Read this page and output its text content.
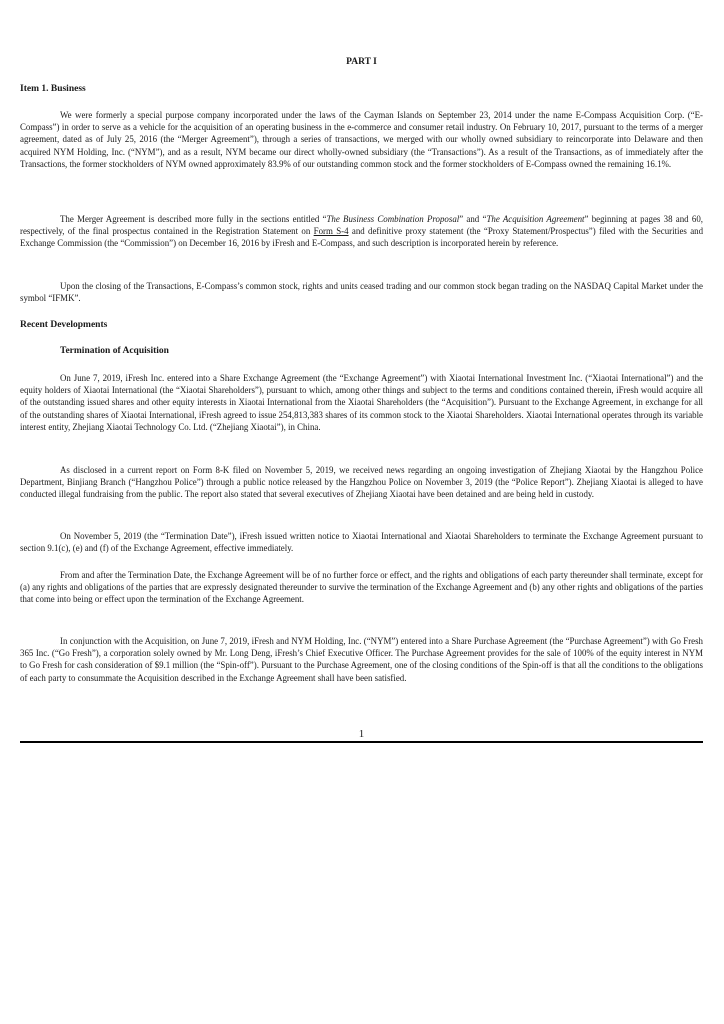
PART I
Item 1. Business

We were formerly a special purpose company incorporated under the laws of the Cayman Islands on September 23, 2014 under the name E-Compass Acquisition Corp. (“E-Compass”) in order to serve as a vehicle for the acquisition of an operating business in the e-commerce and consumer retail industry. On February 10, 2017, pursuant to the terms of a merger agreement, dated as of July 25, 2016 (the “Merger Agreement”), through a series of transactions, we merged with our wholly owned subsidiary to reincorporate into Delaware and then acquired NYM Holding, Inc. (“NYM”), and as a result, NYM became our direct wholly-owned subsidiary (the “Transactions”). As a result of the Transactions, as of immediately after the Transactions, the former stockholders of NYM owned approximately 83.9% of our outstanding common stock and the former stockholders of E-Compass owned the remaining 16.1%.

The Merger Agreement is described more fully in the sections entitled “The Business Combination Proposal” and “The Acquisition Agreement” beginning at pages 38 and 60, respectively, of the final prospectus contained in the Registration Statement on Form S-4 and definitive proxy statement (the “Proxy Statement/Prospectus”) filed with the Securities and Exchange Commission (the “Commission”) on December 16, 2016 by iFresh and E-Compass, and such description is incorporated herein by reference.

Upon the closing of the Transactions, E-Compass’s common stock, rights and units ceased trading and our common stock began trading on the NASDAQ Capital Market under the symbol “IFMK”.

Recent Developments
Termination of Acquisition

On June 7, 2019, iFresh Inc. entered into a Share Exchange Agreement (the “Exchange Agreement”) with Xiaotai International Investment Inc. (“Xiaotai International”) and the equity holders of Xiaotai International (the “Xiaotai Shareholders”), pursuant to which, among other things and subject to the terms and conditions contained therein, iFresh would acquire all of the outstanding issued shares and other equity interests in Xiaotai International from the Xiaotai Shareholders (the “Acquisition”). Pursuant to the Exchange Agreement, in exchange for all of the outstanding shares of Xiaotai International, iFresh agreed to issue 254,813,383 shares of its common stock to the Xiaotai Shareholders. Xiaotai International operates through its variable interest entity, Zhejiang Xiaotai Technology Co. Ltd. (“Zhejiang Xiaotai”), in China.

As disclosed in a current report on Form 8-K filed on November 5, 2019, we received news regarding an ongoing investigation of Zhejiang Xiaotai by the Hangzhou Police Department, Binjiang Branch (“Hangzhou Police”) through a public notice released by the Hangzhou Police on November 3, 2019 (the “Police Report”). Zhejiang Xiaotai is alleged to have conducted illegal fundraising from the public. The report also stated that several executives of Zhejiang Xiaotai have been detained and are being held in custody.

On November 5, 2019 (the “Termination Date”), iFresh issued written notice to Xiaotai International and Xiaotai Shareholders to terminate the Exchange Agreement pursuant to section 9.1(c), (e) and (f) of the Exchange Agreement, effective immediately.

From and after the Termination Date, the Exchange Agreement will be of no further force or effect, and the rights and obligations of each party thereunder shall terminate, except for (a) any rights and obligations of the parties that are expressly designated thereunder to survive the termination of the Exchange Agreement and (b) any other rights and obligations of the parties that come into being or effect upon the termination of the Exchange Agreement.

In conjunction with the Acquisition, on June 7, 2019, iFresh and NYM Holding, Inc. (“NYM”) entered into a Share Purchase Agreement (the “Purchase Agreement”) with Go Fresh 365 Inc. (“Go Fresh”), a corporation solely owned by Mr. Long Deng, iFresh’s Chief Executive Officer. The Purchase Agreement provides for the sale of 100% of the equity interest in NYM to Go Fresh for cash consideration of $9.1 million (the “Spin-off”). Pursuant to the Purchase Agreement, one of the closing conditions of the Spin-off is that all the conditions to the obligations of each party to consummate the Acquisition described in the Exchange Agreement shall have been satisfied.

1
